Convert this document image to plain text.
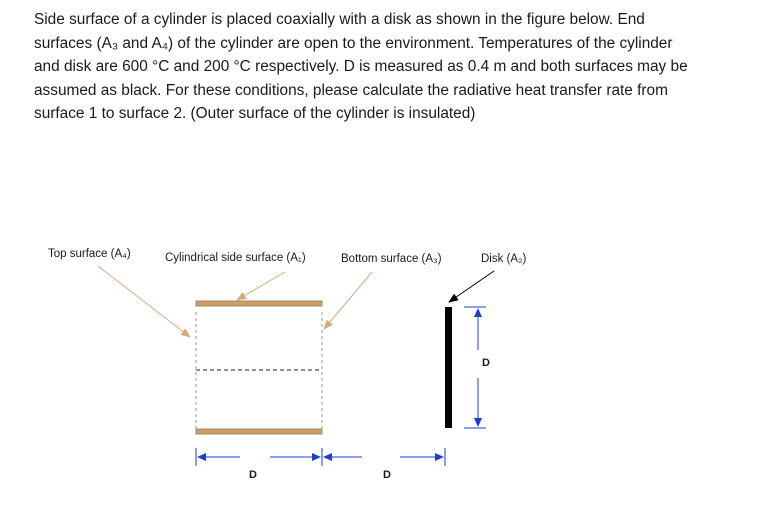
Side surface of a cylinder is placed coaxially with a disk as shown in the figure below. End
surfaces (A₃ and A₄) of the cylinder are open to the environment. Temperatures of the cylinder
and disk are 600 °C and 200 °C respectively. D is measured as 0.4 m and both surfaces may be
assumed as black. For these conditions, please calculate the radiative heat transfer rate from
surface 1 to surface 2. (Outer surface of the cylinder is insulated)
Top surface (A₄)	Cylindrical side surface (A₁)	Bottom surface (A₃)	Disk (A₂)
D
D	D
